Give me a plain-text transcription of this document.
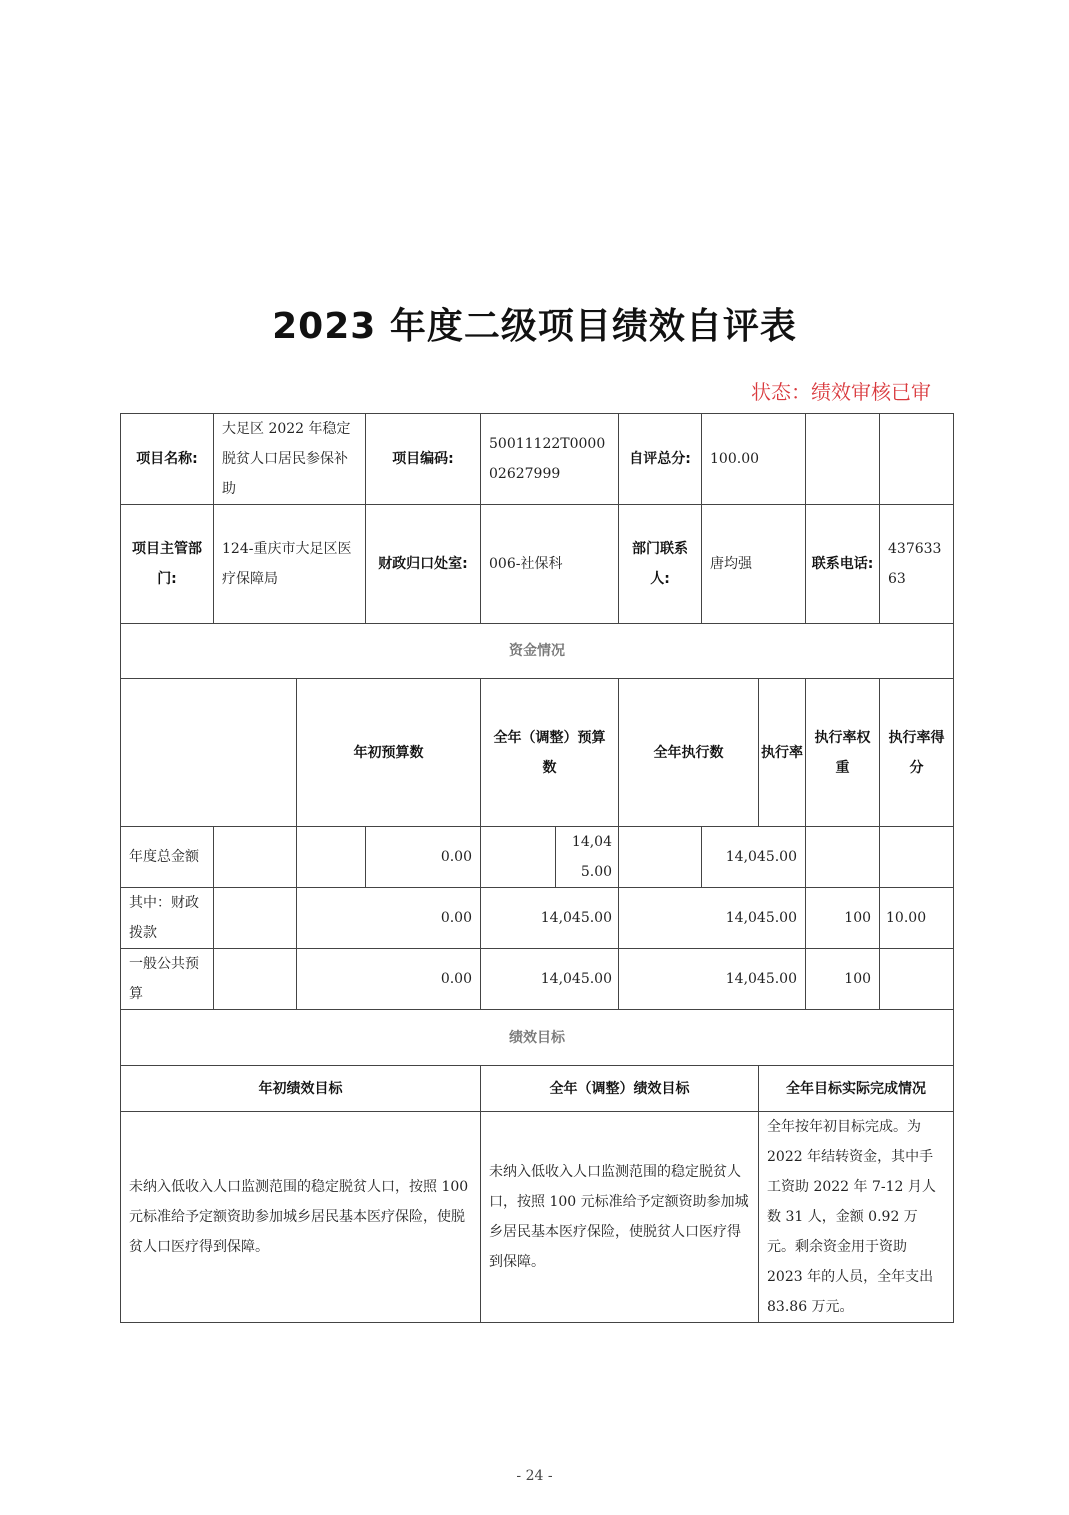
2023 年度二级项目绩效自评表
状态：绩效审核已审
项目名称:	大足区 2022 年稳定脱贫人口居民参保补助		项目编码:	50011122T000002627999		自评总分:	100.00				
项目主管部门:	124-重庆市大足区医疗保障局		财政归口处室:	006-社保科		部门联系人:	唐均强		联系电话:	43763363	
资金情况											
		年初预算数		全年（调整）预算数		全年执行数		执行率	执行率权重	执行率得分	
年度总金额			0.00		14,045.00		14,045.00				
其中：财政拨款		0.00		14,045.00		14,045.00			100	10.00	
一般公共预算		0.00		14,045.00		14,045.00			100		
绩效目标											
年初绩效目标				全年（调整）绩效目标				全年目标实际完成情况			
未纳入低收入人口监测范围的稳定脱贫人口，按照 100 元标准给予定额资助参加城乡居民基本医疗保险，使脱贫人口医疗得到保障。				未纳入低收入人口监测范围的稳定脱贫人口，按照 100 元标准给予定额资助参加城乡居民基本医疗保险，使脱贫人口医疗得到保障。				全年按年初目标完成。为 2022 年结转资金，其中手工资助 2022 年 7-12 月人数 31 人，金额 0.92 万元。剩余资金用于资助 2023 年的人员，全年支出 83.86 万元。			
- 24 -
